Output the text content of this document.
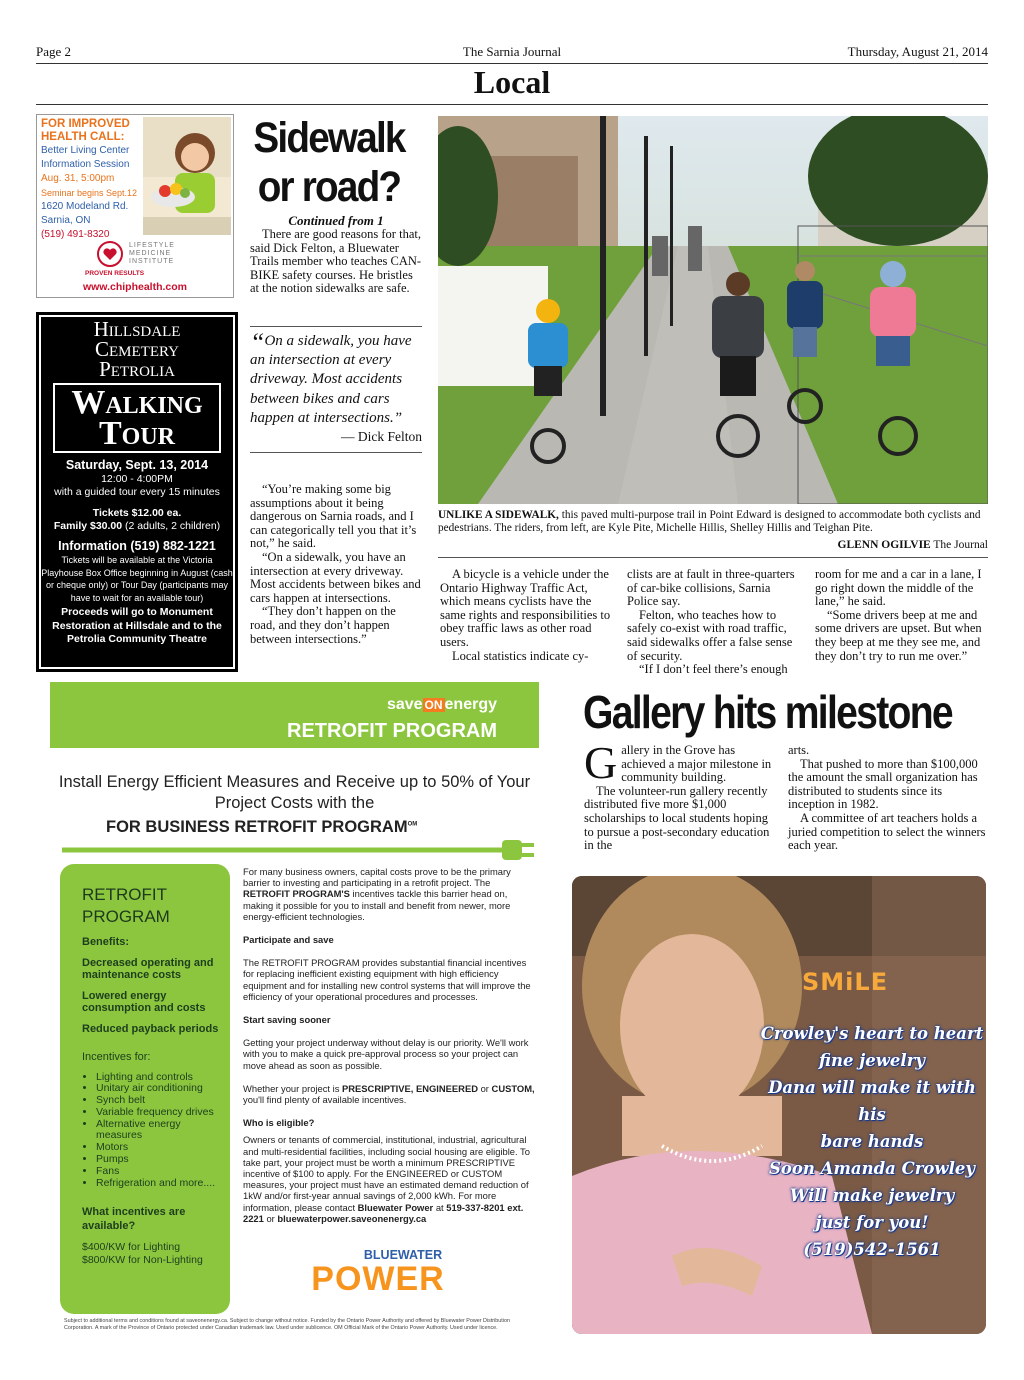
Page 2	The Sarnia Journal	Thursday, August 21, 2014
Local
FOR IMPROVED
HEALTH CALL:
Better Living Center
Information Session
Aug. 31, 5:00pm
Seminar begins Sept.12
1620 Modeland Rd.
Sarnia, ON
(519) 491-8320
LIFESTYLE
MEDICINE
INSTITUTE
PROVEN RESULTS
www.chiphealth.com
Hillsdale
Cemetery
Petrolia
Walking
Tour
Saturday, Sept. 13, 2014
12:00 - 4:00PM
with a guided tour every 15 minutes
Tickets $12.00 ea.
Family $30.00 (2 adults, 2 children)
Information (519) 882-1221
Tickets will be available at the Victoria Playhouse Box Office beginning in August (cash or cheque only) or Tour Day (participants may have to wait for an available tour)
Proceeds will go to Monument Restoration at Hillsdale and to the Petrolia Community Theatre
Sidewalk
or road?
Continued from 1

There are good reasons for that, said Dick Felton, a Bluewater Trails member who teaches CAN-BIKE safety courses. He bristles at the notion sidewalks are safe.

“On a sidewalk, you have an intersection at every driveway. Most accidents between bikes and cars happen at intersections.”
— Dick Felton

“You’re making some big assumptions about it being dangerous on Sarnia roads, and I can categorically tell you that it’s not,” he said.

“On a sidewalk, you have an intersection at every driveway. Most accidents between bikes and cars happen at intersections.

“They don’t happen on the road, and they don’t happen between intersections.”

UNLIKE A SIDEWALK, this paved multi-purpose trail in Point Edward is designed to accommodate both cyclists and pedestrians. The riders, from left, are Kyle Pite, Michelle Hillis, Shelley Hillis and Teighan Pite.
GLENN OGILVIE The Journal

A bicycle is a vehicle under the Ontario Highway Traffic Act, which means cyclists have the same rights and responsibilities to obey traffic laws as other road users.

Local statistics indicate cy-

clists are at fault in three-quarters of car-bike collisions, Sarnia Police say.

Felton, who teaches how to safely co-exist with road traffic, said sidewalks offer a false sense of security.

“If I don’t feel there’s enough

room for me and a car in a lane, I go right down the middle of the lane,” he said.

“Some drivers beep at me and some drivers are upset. But when they beep at me they see me, and they don’t try to run me over.”

Gallery hits milestone
G allery in the Grove has achieved a major milestone in community building.

The volunteer-run gallery recently distributed five more $1,000 scholarships to local students hoping to pursue a post-secondary education in the

arts.

That pushed to more than $100,000 the amount the small organization has distributed to students since its inception in 1982.

A committee of art teachers holds a juried competition to select the winners each year.

save ON energy
RETROFIT PROGRAM
Install Energy Efficient Measures and Receive up to 50% of Your Project Costs with the
FOR BUSINESS RETROFIT $PROGRAM^{OM}$
RETROFIT
PROGRAM
Benefits:
Decreased operating and maintenance costs
Lowered energy consumption and costs
Reduced payback periods
Incentives for:
• Lighting and controls
• Unitary air conditioning
• Synch belt
• Variable frequency drives
• Alternative energy measures
• Motors
• Pumps
• Fans
• Refrigeration and more....
What incentives are available?
$400/KW for Lighting
$800/KW for Non-Lighting

For many business owners, capital costs prove to be the primary barrier to investing and participating in a retrofit project. The RETROFIT PROGRAM'S incentives tackle this barrier head on, making it possible for you to install and benefit from newer, more energy-efficient technologies.

Participate and save

The RETROFIT PROGRAM provides substantial financial incentives for replacing inefficient existing equipment with high efficiency equipment and for installing new control systems that will improve the efficiency of your operational procedures and processes.

Start saving sooner

Getting your project underway without delay is our priority. We'll work with you to make a quick pre-approval process so your project can move ahead as soon as possible.

Whether your project is PRESCRIPTIVE, ENGINEERED or CUSTOM, you'll find plenty of available incentives.

Who is eligible?

Owners or tenants of commercial, institutional, industrial, agricultural and multi-residential facilities, including social housing are eligible. To take part, your project must be worth a minimum PRESCRIPTIVE incentive of $100 to apply. For the ENGINEERED or CUSTOM measures, your project must have an estimated demand reduction of 1kW and/or first-year annual savings of 2,000 kWh. For more information, please contact Bluewater Power at 519-337-8201 ext. 2221 or bluewaterpower.saveonenergy.ca

BLUEWATER
POWER
Subject to additional terms and conditions found at saveonenergy.ca. Subject to change without notice. Funded by the Ontario Power Authority and offered by Bluewater Power Distribution Corporation. A mark of the Province of Ontario protected under Canadian trademark law. Used under sublicence. OM Official Mark of the Ontario Power Authority. Used under licence.
SMiLE
Crowley's heart to heart
fine jewelry
Dana will make it with
his
bare hands
Soon Amanda Crowley
Will make jewelry
just for you!
(519)542-1561
